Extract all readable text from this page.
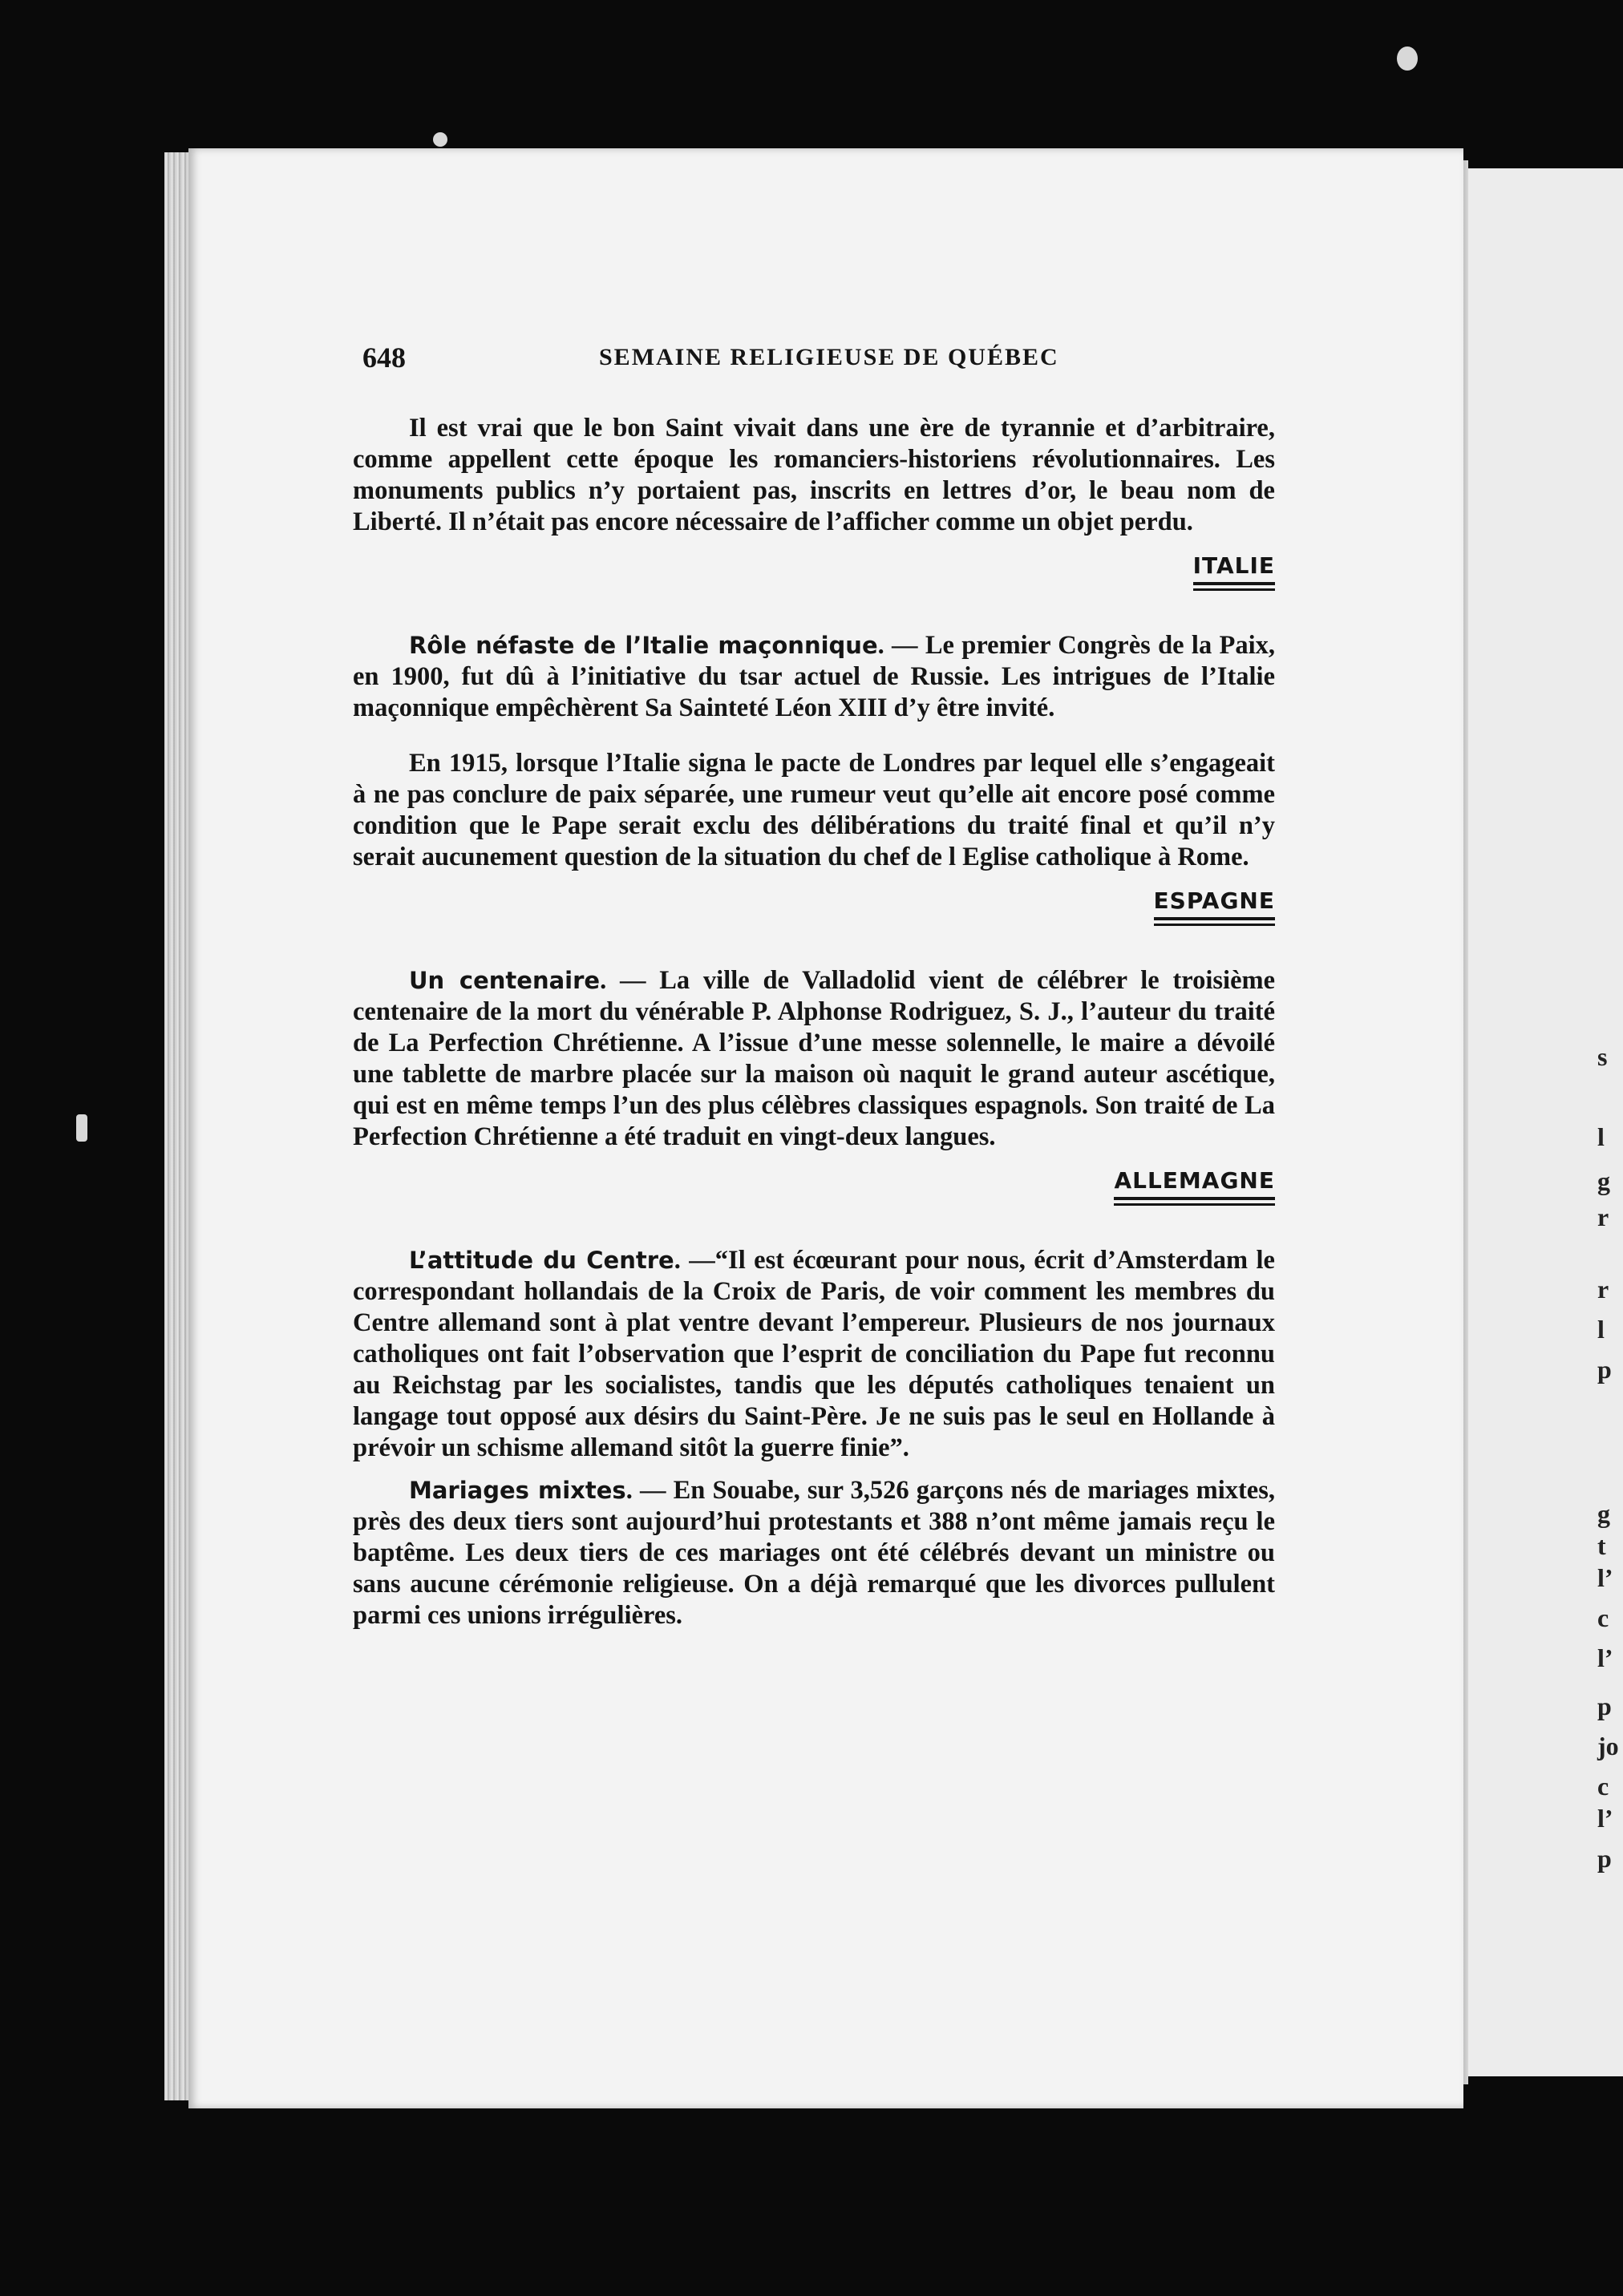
648	SEMAINE RELIGIEUSE DE QUÉBEC

Il est vrai que le bon Saint vivait dans une ère de tyrannie et d’arbitraire, comme appellent cette époque les romanciers-historiens révolutionnaires. Les monuments publics n’y portaient pas, inscrits en lettres d’or, le beau nom de Liberté. Il n’était pas encore nécessaire de l’afficher comme un objet perdu.

ITALIE

Rôle néfaste de l’Italie maçonnique. — Le premier Congrès de la Paix, en 1900, fut dû à l’initiative du tsar actuel de Russie. Les intrigues de l’Italie maçonnique empêchèrent Sa Sainteté Léon XIII d’y être invité.

En 1915, lorsque l’Italie signa le pacte de Londres par lequel elle s’engageait à ne pas conclure de paix séparée, une rumeur veut qu’elle ait encore posé comme condition que le Pape serait exclu des délibérations du traité final et qu’il n’y serait aucunement question de la situation du chef de l Eglise catholique à Rome.

ESPAGNE

Un centenaire. — La ville de Valladolid vient de célébrer le troisième centenaire de la mort du vénérable P. Alphonse Rodriguez, S. J., l’auteur du traité de La Perfection Chrétienne. A l’issue d’une messe solennelle, le maire a dévoilé une tablette de marbre placée sur la maison où naquit le grand auteur ascétique, qui est en même temps l’un des plus célèbres classiques espagnols. Son traité de La Perfection Chrétienne a été traduit en vingt-deux langues.

ALLEMAGNE

L’attitude du Centre. —“Il est écœurant pour nous, écrit d’Amsterdam le correspondant hollandais de la Croix de Paris, de voir comment les membres du Centre allemand sont à plat ventre devant l’empereur. Plusieurs de nos journaux catholiques ont fait l’observation que l’esprit de conciliation du Pape fut reconnu au Reichstag par les socialistes, tandis que les députés catholiques tenaient un langage tout opposé aux désirs du Saint-Père. Je ne suis pas le seul en Hollande à prévoir un schisme allemand sitôt la guerre finie”.

Mariages mixtes. — En Souabe, sur 3,526 garçons nés de mariages mixtes, près des deux tiers sont aujourd’hui protestants et 388 n’ont même jamais reçu le baptême. Les deux tiers de ces mariages ont été célébrés devant un ministre ou sans aucune cérémonie religieuse. On a déjà remarqué que les divorces pullulent parmi ces unions irrégulières.

s
l
g
r
r
l
p
g
t
l’
c
l’
p
jo
c
l’
p
